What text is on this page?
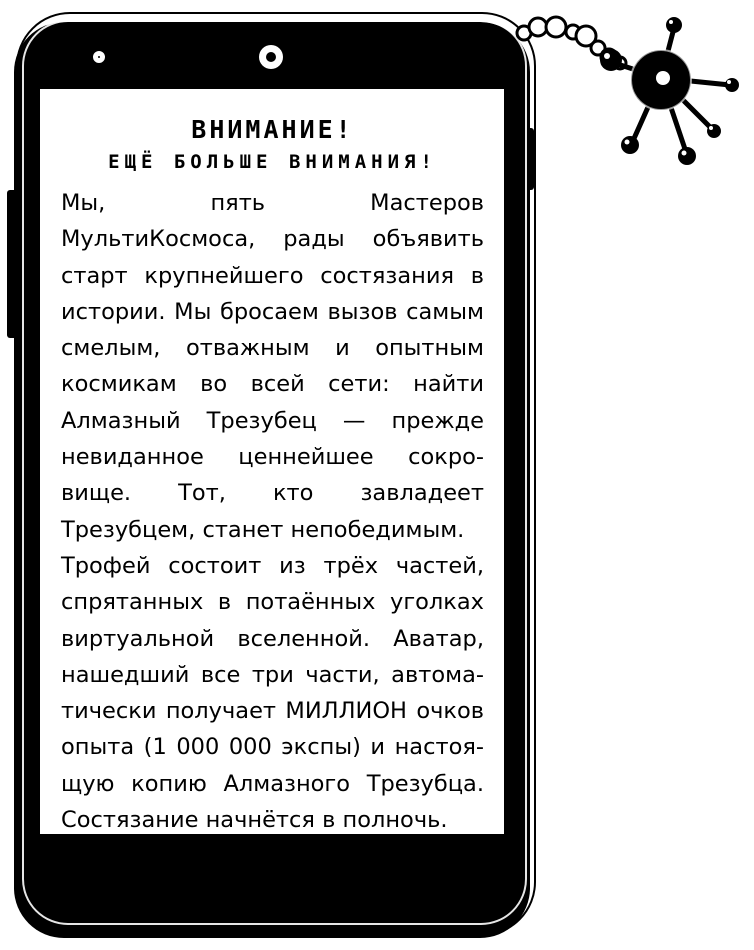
ВНИМАНИЕ!
ЕЩЁ БОЛЬШЕ ВНИМАНИЯ!

Мы, пять Мастеров МультиКосмоса, рады объявить старт крупнейшего состязания в истории. Мы бросаем вызов самым смелым, отважным и опытным космикам во всей сети: найти Алмазный Трезубец — прежде невиданное ценнейшее сокровище. Тот, кто завладеет Трезубцем, станет непобедимым.

Трофей состоит из трёх частей, спрятанных в потаённых уголках виртуальной вселенной. Аватар, нашедший все три части, автоматически получает МИЛЛИОН очков опыта (1 000 000 экспы) и настоящую копию Алмазного Трезубца. Состязание начнётся в полночь.
